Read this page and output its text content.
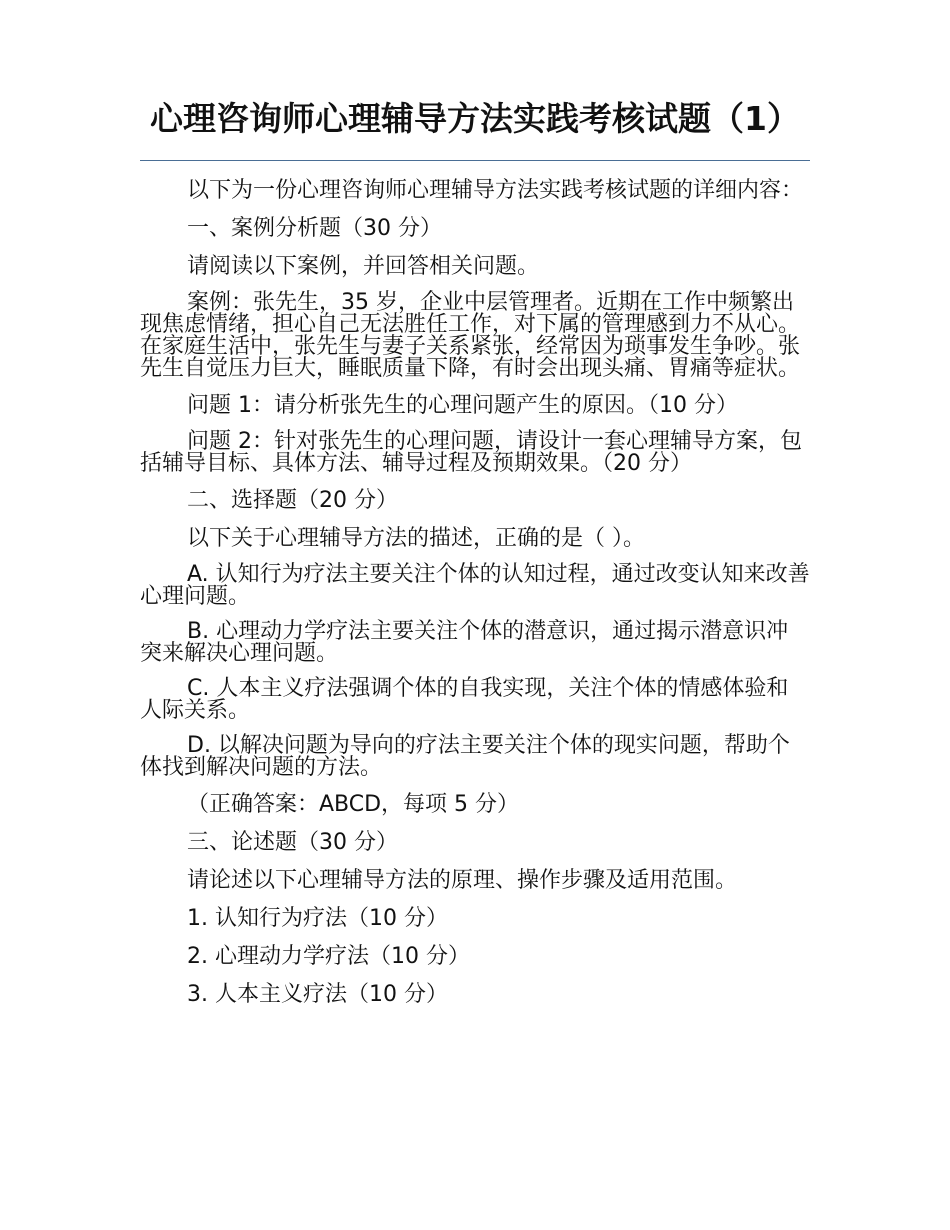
心理咨询师心理辅导方法实践考核试题（1）

以下为一份心理咨询师心理辅导方法实践考核试题的详细内容：

一、案例分析题（30 分）

请阅读以下案例，并回答相关问题。

案例：张先生，35 岁，企业中层管理者。近期在工作中频繁出现焦虑情绪，担心自己无法胜任工作，对下属的管理感到力不从心。在家庭生活中，张先生与妻子关系紧张，经常因为琐事发生争吵。张先生自觉压力巨大，睡眠质量下降，有时会出现头痛、胃痛等症状。

问题 1：请分析张先生的心理问题产生的原因。（10 分）

问题 2：针对张先生的心理问题，请设计一套心理辅导方案，包括辅导目标、具体方法、辅导过程及预期效果。（20 分）

二、选择题（20 分）

以下关于心理辅导方法的描述，正确的是（ ）。

A. 认知行为疗法主要关注个体的认知过程，通过改变认知来改善心理问题。

B. 心理动力学疗法主要关注个体的潜意识，通过揭示潜意识冲突来解决心理问题。

C. 人本主义疗法强调个体的自我实现，关注个体的情感体验和人际关系。

D. 以解决问题为导向的疗法主要关注个体的现实问题，帮助个体找到解决问题的方法。

（正确答案：ABCD，每项 5 分）

三、论述题（30 分）

请论述以下心理辅导方法的原理、操作步骤及适用范围。

1. 认知行为疗法（10 分）

2. 心理动力学疗法（10 分）

3. 人本主义疗法（10 分）
